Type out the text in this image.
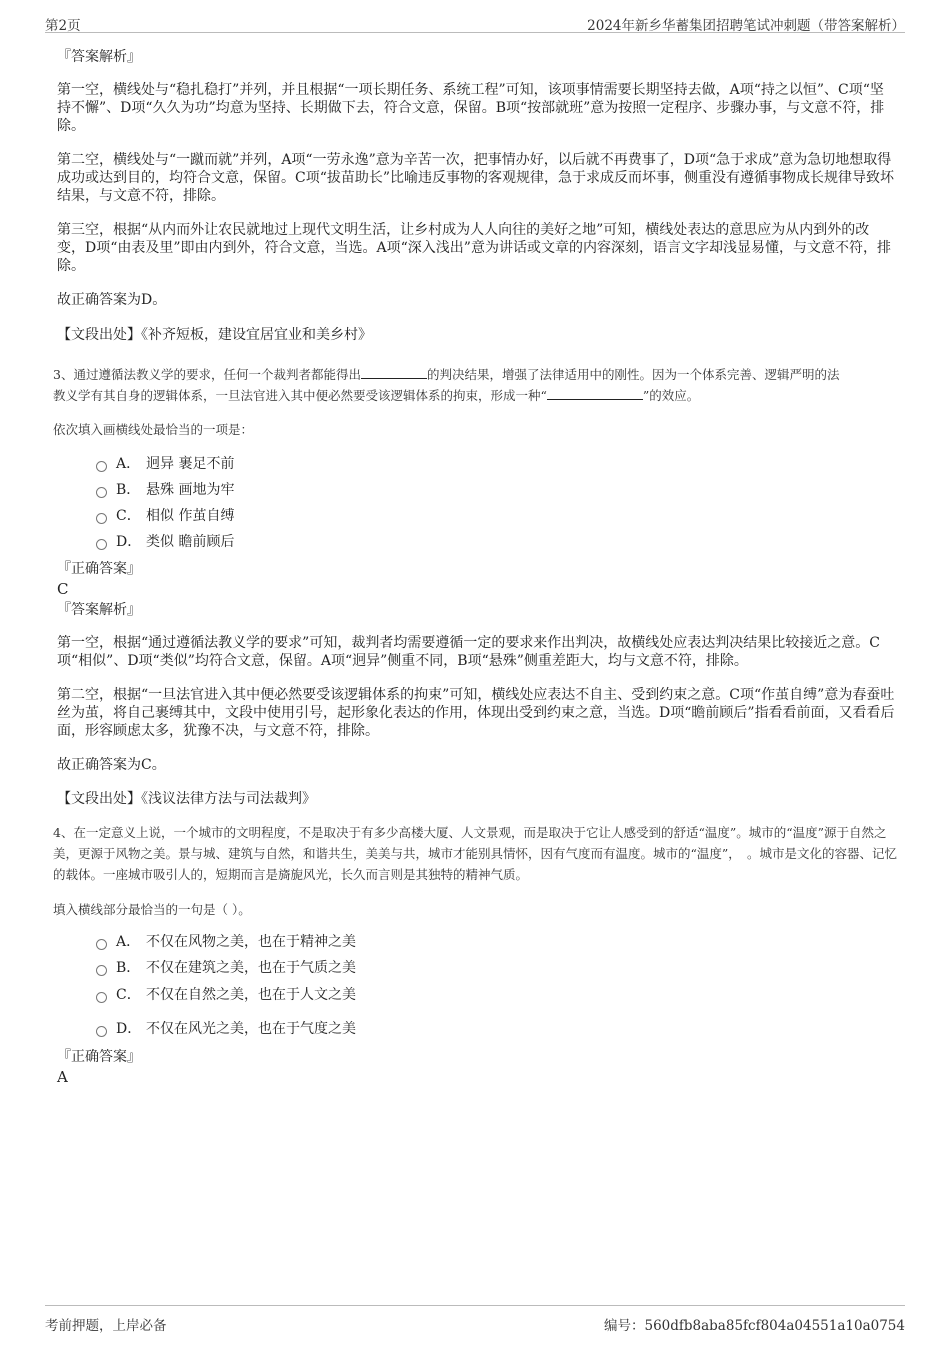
第2页	2024年新乡华蓄集团招聘笔试冲刺题（带答案解析）
『答案解析』
第一空，横线处与“稳扎稳打”并列，并且根据“一项长期任务、系统工程”可知，该项事情需要长期坚持去做，A项“持之以恒”、C项“坚持不懈”、D项“久久为功”均意为坚持、长期做下去，符合文意，保留。B项“按部就班”意为按照一定程序、步骤办事，与文意不符，排除。
第二空，横线处与“一蹴而就”并列，A项“一劳永逸”意为辛苦一次，把事情办好，以后就不再费事了，D项“急于求成”意为急切地想取得成功或达到目的，均符合文意，保留。C项“拔苗助长”比喻违反事物的客观规律，急于求成反而坏事，侧重没有遵循事物成长规律导致坏结果，与文意不符，排除。
第三空，根据“从内而外让农民就地过上现代文明生活，让乡村成为人人向往的美好之地”可知，横线处表达的意思应为从内到外的改变，D项“由表及里”即由内到外，符合文意，当选。A项“深入浅出”意为讲话或文章的内容深刻，语言文字却浅显易懂，与文意不符，排除。
故正确答案为D。
【文段出处】《补齐短板，建设宜居宜业和美乡村》
3、通过遵循法教义学的要求，任何一个裁判者都能得出	的判决结果，增强了法律适用中的刚性。因为一个体系完善、逻辑严明的法
教义学有其自身的逻辑体系，一旦法官进入其中便必然要受该逻辑体系的拘束，形成一种“	”的效应。
依次填入画横线处最恰当的一项是：
A． 迥异 裹足不前
B． 悬殊 画地为牢
C． 相似 作茧自缚
D． 类似 瞻前顾后
『正确答案』
C
『答案解析』
第一空，根据“通过遵循法教义学的要求”可知，裁判者均需要遵循一定的要求来作出判决，故横线处应表达判决结果比较接近之意。C项“相似”、D项“类似”均符合文意，保留。A项“迥异”侧重不同，B项“悬殊”侧重差距大，均与文意不符，排除。
第二空，根据“一旦法官进入其中便必然要受该逻辑体系的拘束”可知，横线处应表达不自主、受到约束之意。C项“作茧自缚”意为春蚕吐丝为茧，将自己裹缚其中，文段中使用引号，起形象化表达的作用，体现出受到约束之意，当选。D项“瞻前顾后”指看看前面，又看看后面，形容顾虑太多，犹豫不决，与文意不符，排除。
故正确答案为C。
【文段出处】《浅议法律方法与司法裁判》
4、在一定意义上说，一个城市的文明程度，不是取决于有多少高楼大厦、人文景观，而是取决于它让人感受到的舒适“温度”。城市的“温度”源于自然之美，更源于风物之美。景与城、建筑与自然，和谐共生，美美与共，城市才能别具情怀，因有气度而有温度。城市的“温度”，　。城市是文化的容器、记忆的载体。一座城市吸引人的，短期而言是旖旎风光，长久而言则是其独特的精神气质。
填入横线部分最恰当的一句是（ ）。
A． 不仅在风物之美，也在于精神之美
B． 不仅在建筑之美，也在于气质之美
C． 不仅在自然之美，也在于人文之美
D． 不仅在风光之美，也在于气度之美
『正确答案』
A
考前押题，上岸必备	编号：560dfb8aba85fcf804a04551a10a0754
